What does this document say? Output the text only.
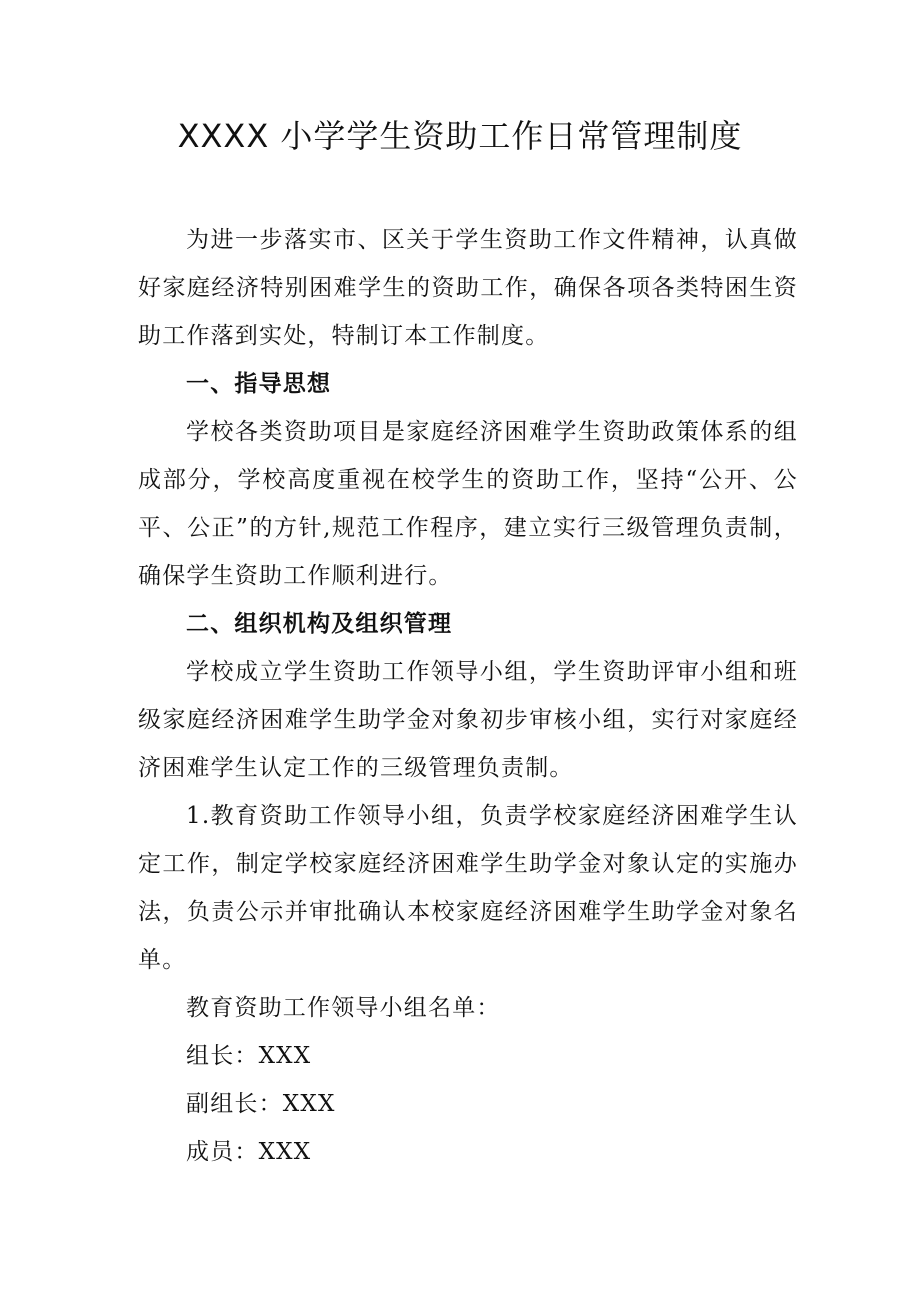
XXXX 小学学生资助工作日常管理制度

为进一步落实市、区关于学生资助工作文件精神，认真做好家庭经济特别困难学生的资助工作，确保各项各类特困生资助工作落到实处，特制订本工作制度。

一、指导思想

学校各类资助项目是家庭经济困难学生资助政策体系的组成部分，学校高度重视在校学生的资助工作，坚持“公开、公平、公正”的方针,规范工作程序，建立实行三级管理负责制，确保学生资助工作顺利进行。

二、组织机构及组织管理

学校成立学生资助工作领导小组，学生资助评审小组和班级家庭经济困难学生助学金对象初步审核小组，实行对家庭经济困难学生认定工作的三级管理负责制。

1.教育资助工作领导小组，负责学校家庭经济困难学生认定工作，制定学校家庭经济困难学生助学金对象认定的实施办法，负责公示并审批确认本校家庭经济困难学生助学金对象名单。

教育资助工作领导小组名单：

组长：XXX

副组长：XXX

成员：XXX
